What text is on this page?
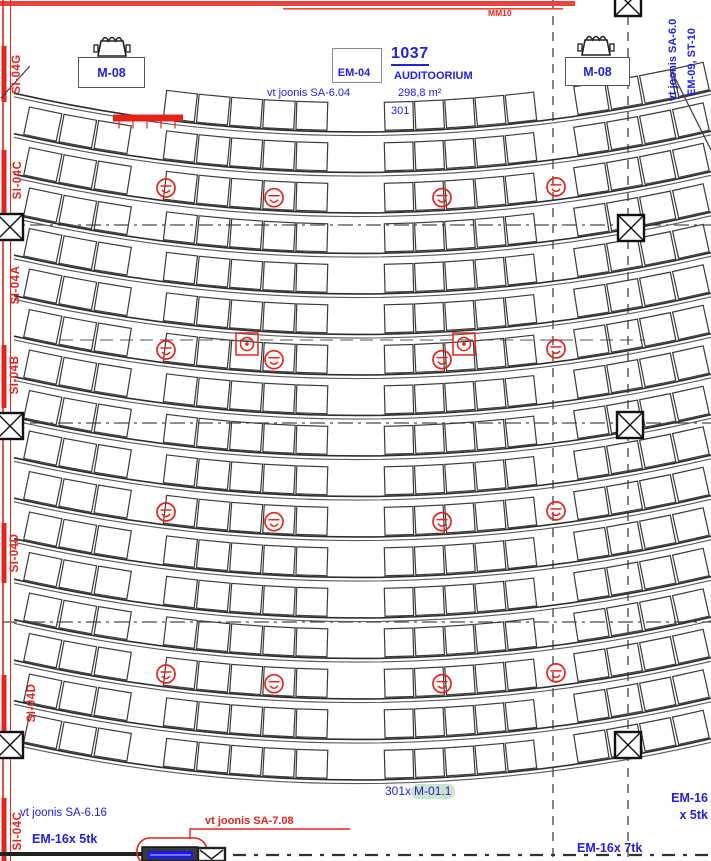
MM10
EM-04
M-08	M-08
1037
AUDITOORIUM
vt joonis SA-6.04	298,8 m²
301
SI-04G
SI-04C
SI-04A
SI-04B
SI-04D
SI-04D
SI-04C
vt joonis SA-6.0 EM-09, ST-10
vt joonis SA-6.16
EM-16x 5tk
vt joonis SA-7.08
301x M-01.1	EM-16
x 5tk
EM-16x 7tk
